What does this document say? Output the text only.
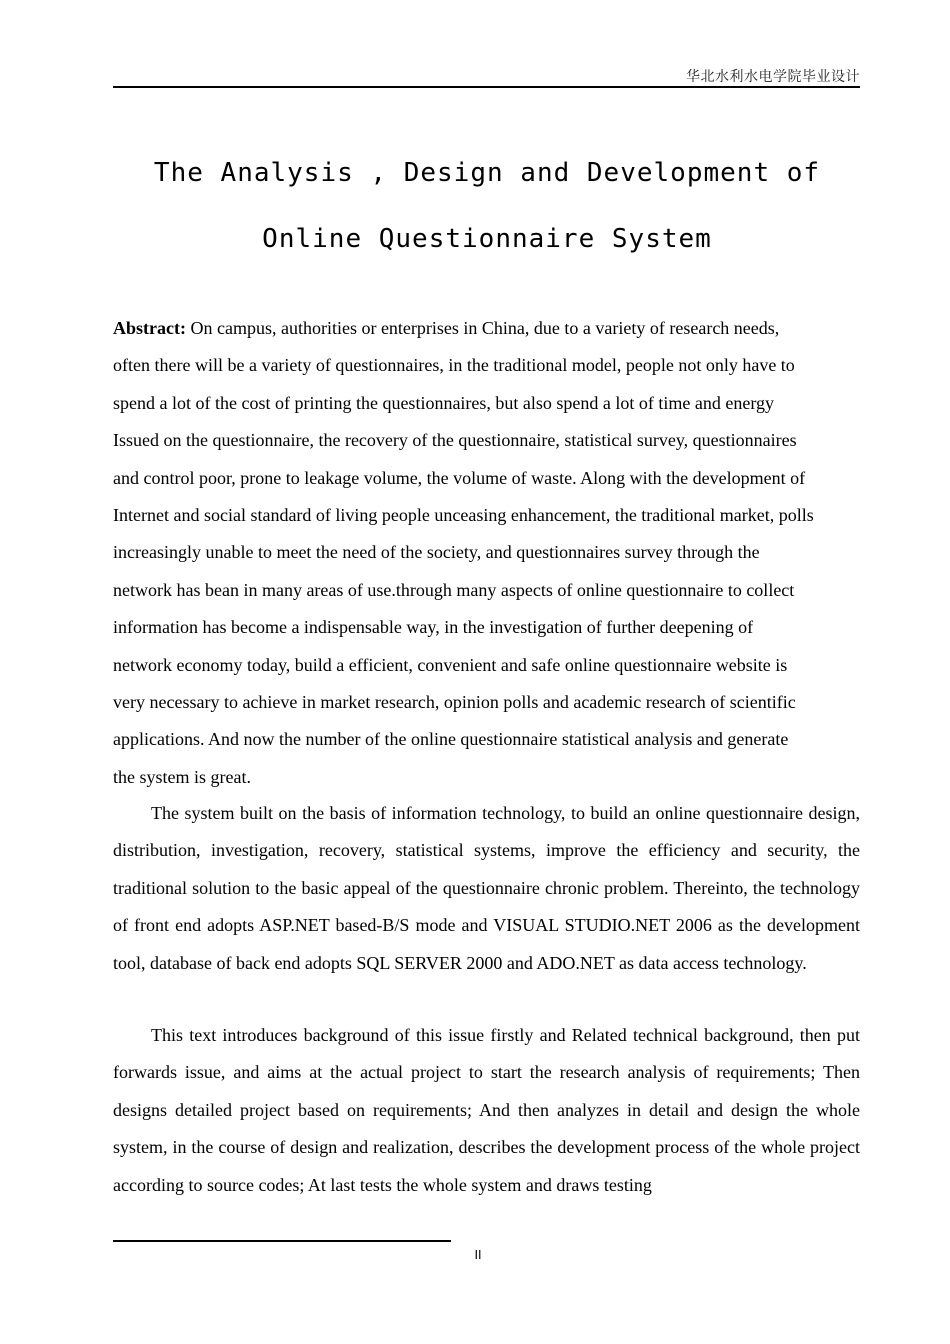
华北水利水电学院毕业设计
The Analysis , Design and Development of
Online Questionnaire System
Abstract: On campus, authorities or enterprises in China, due to a variety of research needs,
often there will be a variety of questionnaires, in the traditional model, people not only have to
spend a lot of the cost of printing the questionnaires, but also spend a lot of time and energy
Issued on the questionnaire, the recovery of the questionnaire, statistical survey, questionnaires
and control poor, prone to leakage volume, the volume of waste. Along with the development of
Internet and social standard of living people unceasing enhancement, the traditional market, polls
increasingly unable to meet the need of the society, and questionnaires survey through the
network has bean in many areas of use.through many aspects of online questionnaire to collect
information has become a indispensable way, in the investigation of further deepening of
network economy today, build a efficient, convenient and safe online questionnaire website is
very necessary to achieve in market research, opinion polls and academic research of scientific
applications. And now the number of the online questionnaire statistical analysis and generate
the system is great.

The system built on the basis of information technology, to build an online questionnaire design, distribution, investigation, recovery, statistical systems, improve the efficiency and security, the traditional solution to the basic appeal of the questionnaire chronic problem. Thereinto, the technology of front end adopts ASP.NET based-B/S mode and VISUAL STUDIO.NET 2006 as the development tool, database of back end adopts SQL SERVER 2000 and ADO.NET as data access technology.

This text introduces background of this issue firstly and Related technical background, then put forwards issue, and aims at the actual project to start the research analysis of requirements; Then designs detailed project based on requirements; And then analyzes in detail and design the whole system, in the course of design and realization, describes the development process of the whole project according to source codes; At last tests the whole system and draws testing

II
